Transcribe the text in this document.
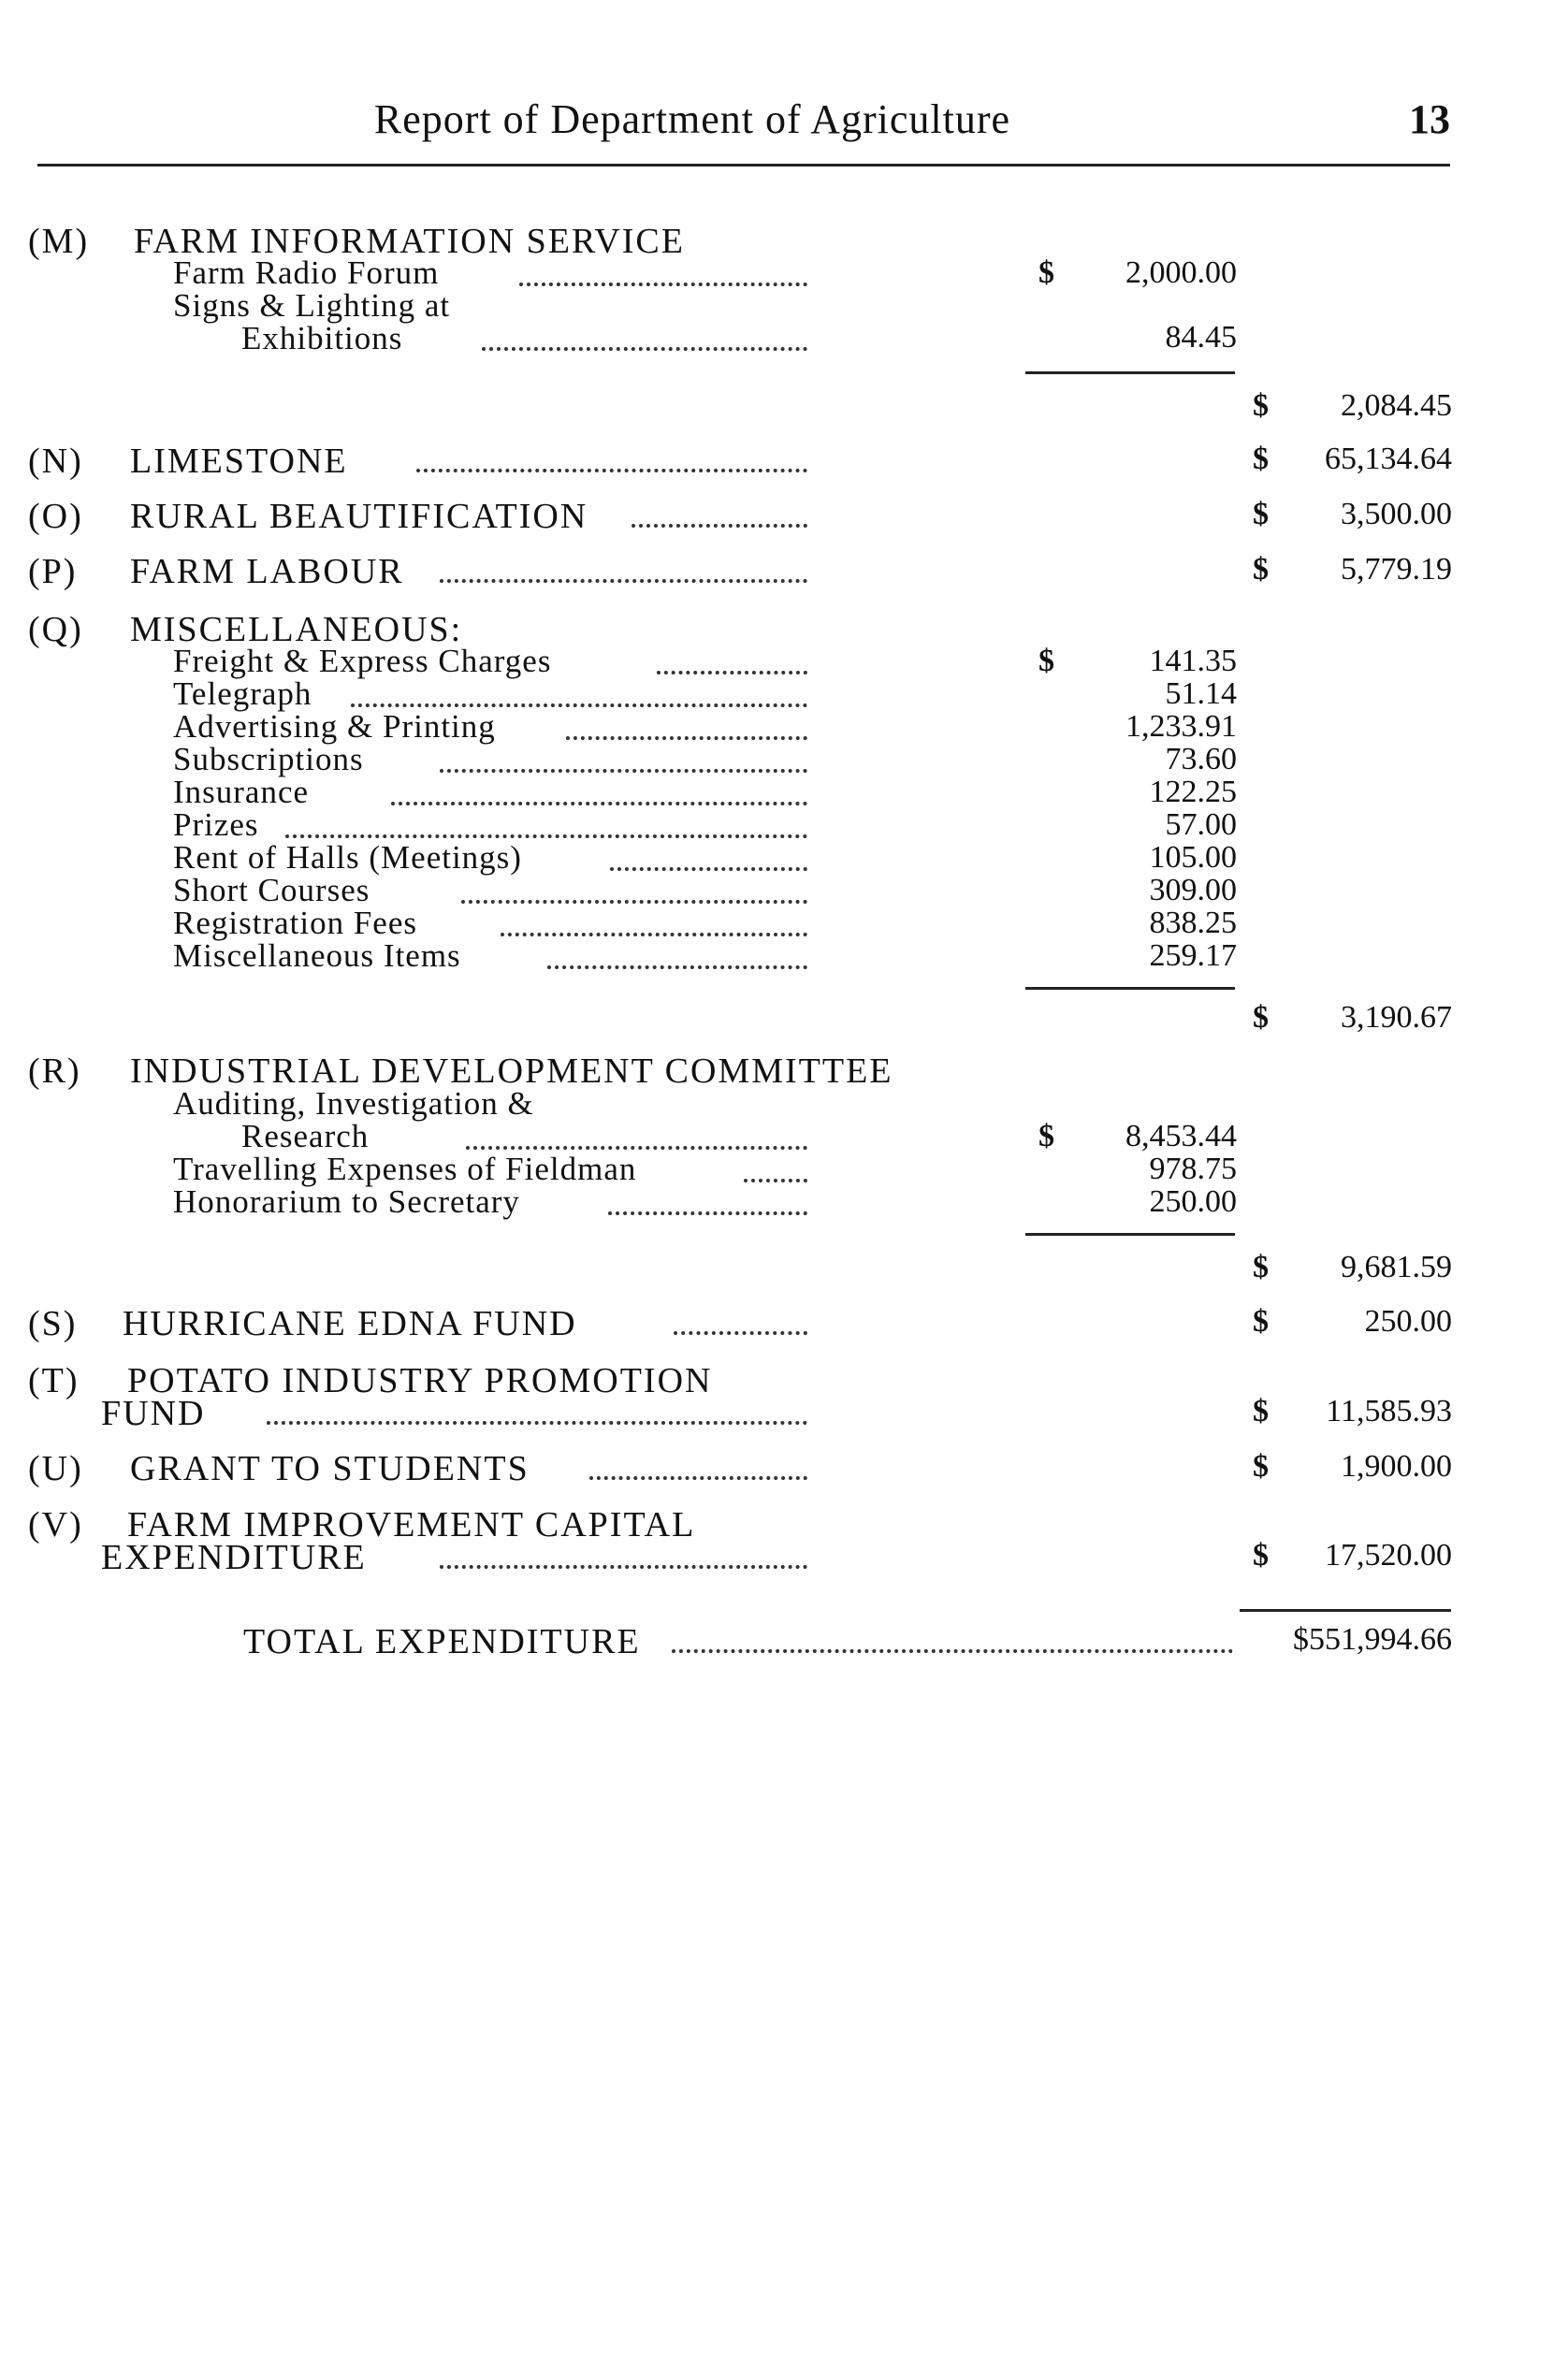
Report of Department of Agriculture	13
(M) FARM INFORMATION SERVICE
Farm Radio Forum	$ 2,000.00
Signs & Lighting at
Exhibitions	84.45
$ 2,084.45
(N) LIMESTONE	$ 65,134.64
(O) RURAL BEAUTIFICATION	$ 3,500.00
(P) FARM LABOUR	$ 5,779.19
(Q) MISCELLANEOUS:
Freight & Express Charges	$	141.35
Telegraph	51.14
Advertising & Printing	1,233.91
Subscriptions	73.60
Insurance	122.25
Prizes	57.00
Rent of Halls (Meetings)	105.00
Short Courses	309.00
Registration Fees	838.25
Miscellaneous Items	259.17
$ 3,190.67
(R) INDUSTRIAL DEVELOPMENT COMMITTEE
Auditing, Investigation &
Research	$ 8,453.44
Travelling Expenses of Fieldman	978.75
Honorarium to Secretary	250.00
$ 9,681.59
(S) HURRICANE EDNA FUND	$	250.00
(T) POTATO INDUSTRY PROMOTION
FUND	$ 11,585.93
(U) GRANT TO STUDENTS	$ 1,900.00
(V) FARM IMPROVEMENT CAPITAL
EXPENDITURE	$ 17,520.00
TOTAL EXPENDITURE	$551,994.66
